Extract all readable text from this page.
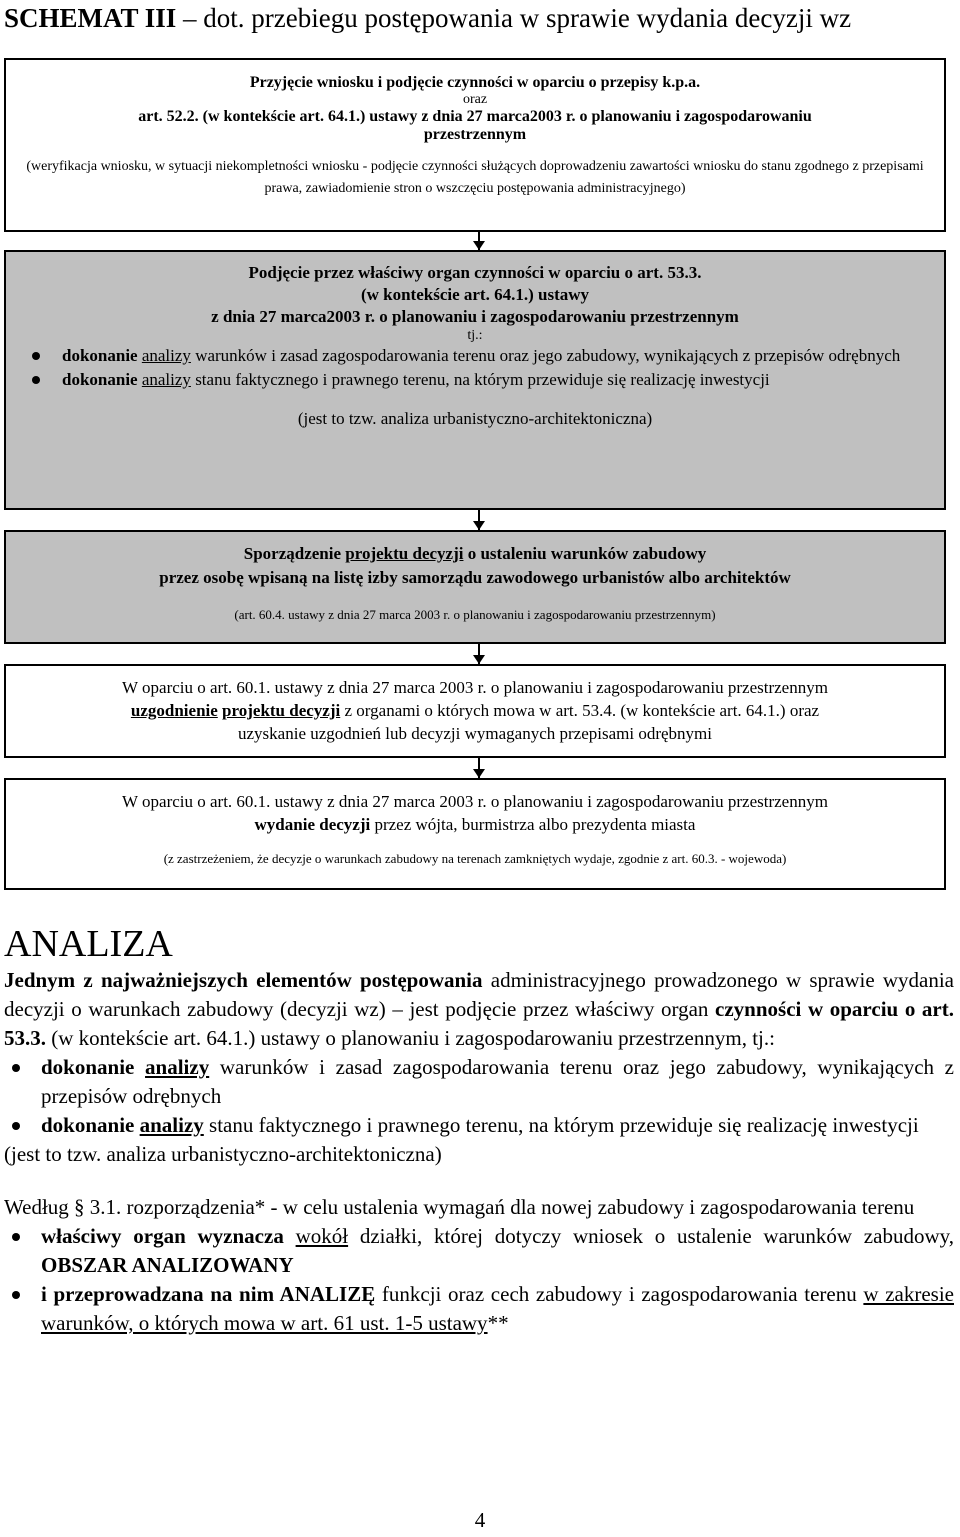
SCHEMAT III – dot. przebiegu postępowania w sprawie wydania decyzji wz
Przyjęcie wniosku i podjęcie czynności w oparciu o przepisy k.p.a.
oraz
art. 52.2. (w kontekście art. 64.1.) ustawy z dnia 27 marca2003 r. o planowaniu i zagospodarowaniu
przestrzennym
(weryfikacja wniosku, w sytuacji niekompletności wniosku - podjęcie czynności służących doprowadzeniu zawartości wniosku do stanu zgodnego z przepisami prawa, zawiadomienie stron o wszczęciu postępowania administracyjnego)
Podjęcie przez właściwy organ czynności w oparciu o art. 53.3.
(w kontekście art. 64.1.) ustawy
z dnia 27 marca2003 r. o planowaniu i zagospodarowaniu przestrzennym
tj.:
dokonanie analizy warunków i zasad zagospodarowania terenu oraz jego zabudowy, wynikających z przepisów odrębnych
dokonanie analizy stanu faktycznego i prawnego terenu, na którym przewiduje się realizację inwestycji
(jest to tzw. analiza urbanistyczno-architektoniczna)
Sporządzenie projektu decyzji o ustaleniu warunków zabudowy
przez osobę wpisaną na listę izby samorządu zawodowego urbanistów albo architektów
(art. 60.4. ustawy z dnia 27 marca 2003 r. o planowaniu i zagospodarowaniu przestrzennym)
W oparciu o art. 60.1. ustawy z dnia 27 marca 2003 r. o planowaniu i zagospodarowaniu przestrzennym
uzgodnienie projektu decyzji z organami o których mowa w art. 53.4. (w kontekście art. 64.1.) oraz
uzyskanie uzgodnień lub decyzji wymaganych przepisami odrębnymi
W oparciu o art. 60.1. ustawy z dnia 27 marca 2003 r. o planowaniu i zagospodarowaniu przestrzennym
wydanie decyzji przez wójta, burmistrza albo prezydenta miasta
(z zastrzeżeniem, że decyzje o warunkach zabudowy na terenach zamkniętych wydaje, zgodnie z art. 60.3. - wojewoda)
ANALIZA

Jednym z najważniejszych elementów postępowania administracyjnego prowadzonego w sprawie wydania decyzji o warunkach zabudowy (decyzji wz) – jest podjęcie przez właściwy organ czynności w oparciu o art. 53.3. (w kontekście art. 64.1.) ustawy o planowaniu i zagospodarowaniu przestrzennym, tj.:

dokonanie analizy warunków i zasad zagospodarowania terenu oraz jego zabudowy, wynikających z przepisów odrębnych
dokonanie analizy stanu faktycznego i prawnego terenu, na którym przewiduje się realizację inwestycji

(jest to tzw. analiza urbanistyczno-architektoniczna)

Według § 3.1. rozporządzenia* - w celu ustalenia wymagań dla nowej zabudowy i zagospodarowania terenu

właściwy organ wyznacza wokół działki, której dotyczy wniosek o ustalenie warunków zabudowy, OBSZAR ANALIZOWANY
i przeprowadzana na nim ANALIZĘ funkcji oraz cech zabudowy i zagospodarowania terenu w zakresie warunków, o których mowa w art. 61 ust. 1-5 ustawy**
4
